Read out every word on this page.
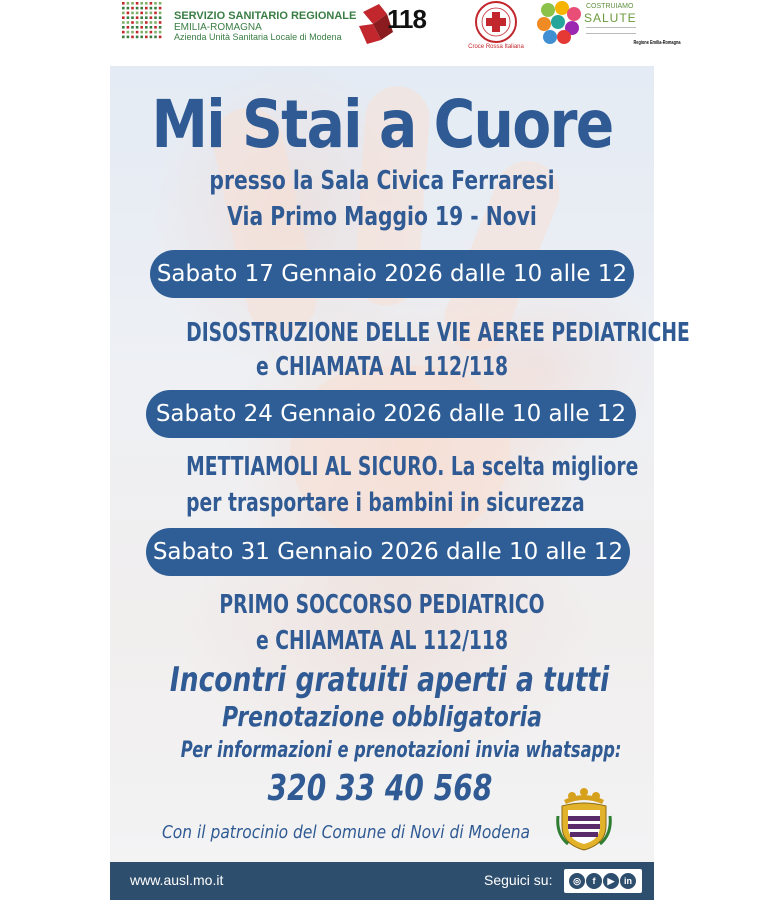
SERVIZIO SANITARIO REGIONALE
EMILIA-ROMAGNA
Azienda Unità Sanitaria Locale di Modena
118
Regione Emilia-Romagna
Croce Rossa Italiana
COSTRUIAMO
SALUTE
Mi Stai a Cuore
presso la Sala Civica Ferraresi
Via Primo Maggio 19 - Novi
Sabato 17 Gennaio 2026 dalle 10 alle 12
DISOSTRUZIONE DELLE VIE AEREE PEDIATRICHE
e CHIAMATA AL 112/118
Sabato 24 Gennaio 2026 dalle 10 alle 12
METTIAMOLI AL SICURO. La scelta migliore
per trasportare i bambini in sicurezza
Sabato 31 Gennaio 2026 dalle 10 alle 12
PRIMO SOCCORSO PEDIATRICO
e CHIAMATA AL 112/118
Incontri gratuiti aperti a tutti
Prenotazione obbligatoria
Per informazioni e prenotazioni invia whatsapp:
320 33 40 568
Con il patrocinio del Comune di Novi di Modena
www.ausl.mo.it	Seguici su:	◎	f	▶	in
